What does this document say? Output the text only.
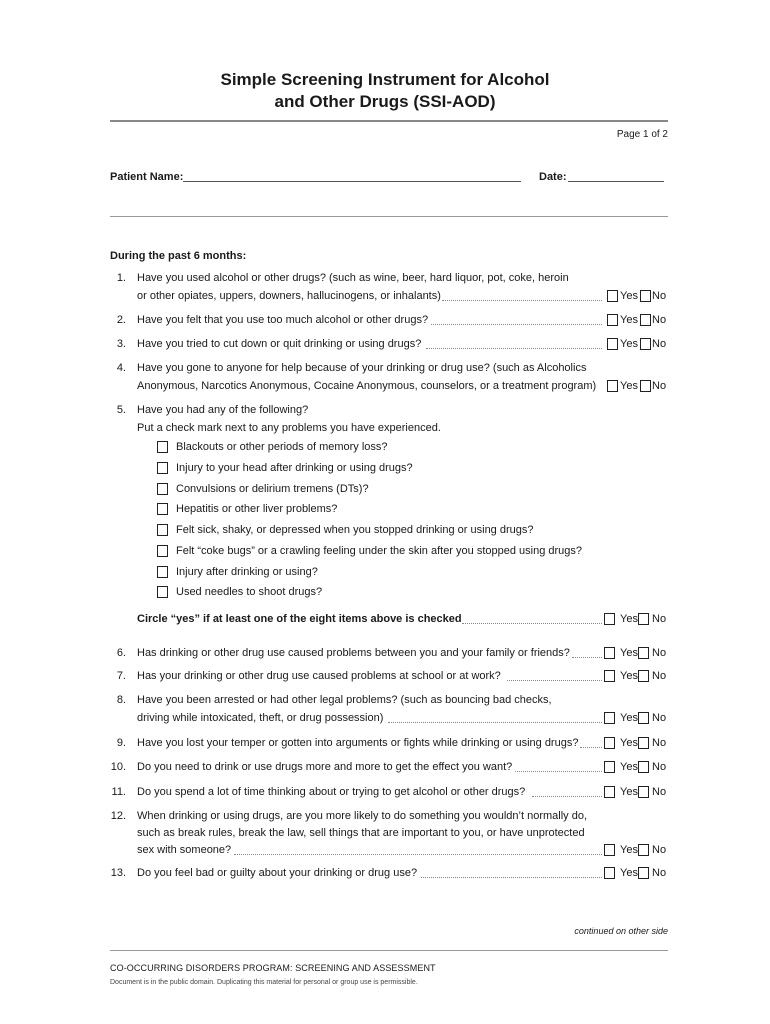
Simple Screening Instrument for Alcohol
and Other Drugs (SSI-AOD)
Page 1 of 2
Patient Name:	Date:
During the past 6 months:
1. Have you used alcohol or other drugs? (such as wine, beer, hard liquor, pot, coke, heroin
or other opiates, uppers, downers, hallucinogens, or inhalants)	Yes No
2. Have you felt that you use too much alcohol or other drugs?	Yes No
3. Have you tried to cut down or quit drinking or using drugs?	Yes No
4. Have you gone to anyone for help because of your drinking or drug use? (such as Alcoholics
Anonymous, Narcotics Anonymous, Cocaine Anonymous, counselors, or a treatment program) Yes No
5. Have you had any of the following?
Put a check mark next to any problems you have experienced.
Blackouts or other periods of memory loss?
Injury to your head after drinking or using drugs?
Convulsions or delirium tremens (DTs)?
Hepatitis or other liver problems?
Felt sick, shaky, or depressed when you stopped drinking or using drugs?
Felt “coke bugs” or a crawling feeling under the skin after you stopped using drugs?
Injury after drinking or using?
Used needles to shoot drugs?
Circle “yes” if at least one of the eight items above is checked	Yes No
6. Has drinking or other drug use caused problems between you and your family or friends?	Yes No
7. Has your drinking or other drug use caused problems at school or at work?	Yes No
8. Have you been arrested or had other legal problems? (such as bouncing bad checks,
driving while intoxicated, theft, or drug possession)	Yes No
9. Have you lost your temper or gotten into arguments or fights while drinking or using drugs?	Yes No
10. Do you need to drink or use drugs more and more to get the effect you want?	Yes No
11. Do you spend a lot of time thinking about or trying to get alcohol or other drugs?	Yes No
12. When drinking or using drugs, are you more likely to do something you wouldn’t normally do,
such as break rules, break the law, sell things that are important to you, or have unprotected
sex with someone?	Yes No
13. Do you feel bad or guilty about your drinking or drug use?	Yes No
continued on other side
CO-OCCURRING DISORDERS PROGRAM: SCREENING AND ASSESSMENT
Document is in the public domain. Duplicating this material for personal or group use is permissible.
